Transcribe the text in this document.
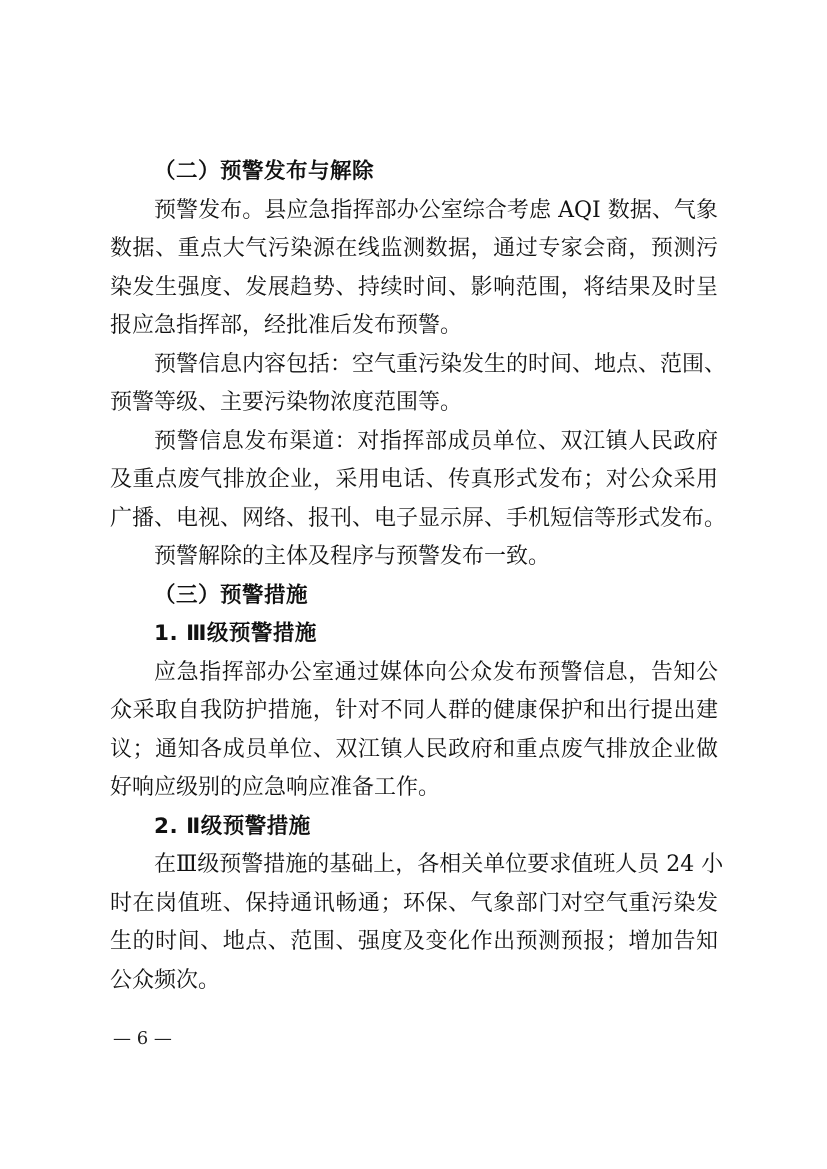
（二）预警发布与解除
预警发布。县应急指挥部办公室综合考虑 AQI 数据、气象
数据、重点大气污染源在线监测数据，通过专家会商，预测污
染发生强度、发展趋势、持续时间、影响范围，将结果及时呈
报应急指挥部，经批准后发布预警。
预警信息内容包括：空气重污染发生的时间、地点、范围、
预警等级、主要污染物浓度范围等。
预警信息发布渠道：对指挥部成员单位、双江镇人民政府
及重点废气排放企业，采用电话、传真形式发布；对公众采用
广播、电视、网络、报刊、电子显示屏、手机短信等形式发布。
预警解除的主体及程序与预警发布一致。
（三）预警措施
1. Ⅲ级预警措施
应急指挥部办公室通过媒体向公众发布预警信息，告知公
众采取自我防护措施，针对不同人群的健康保护和出行提出建
议；通知各成员单位、双江镇人民政府和重点废气排放企业做
好响应级别的应急响应准备工作。
2. Ⅱ级预警措施
在Ⅲ级预警措施的基础上，各相关单位要求值班人员 24 小
时在岗值班、保持通讯畅通；环保、气象部门对空气重污染发
生的时间、地点、范围、强度及变化作出预测预报；增加告知
公众频次。
— 6 —
